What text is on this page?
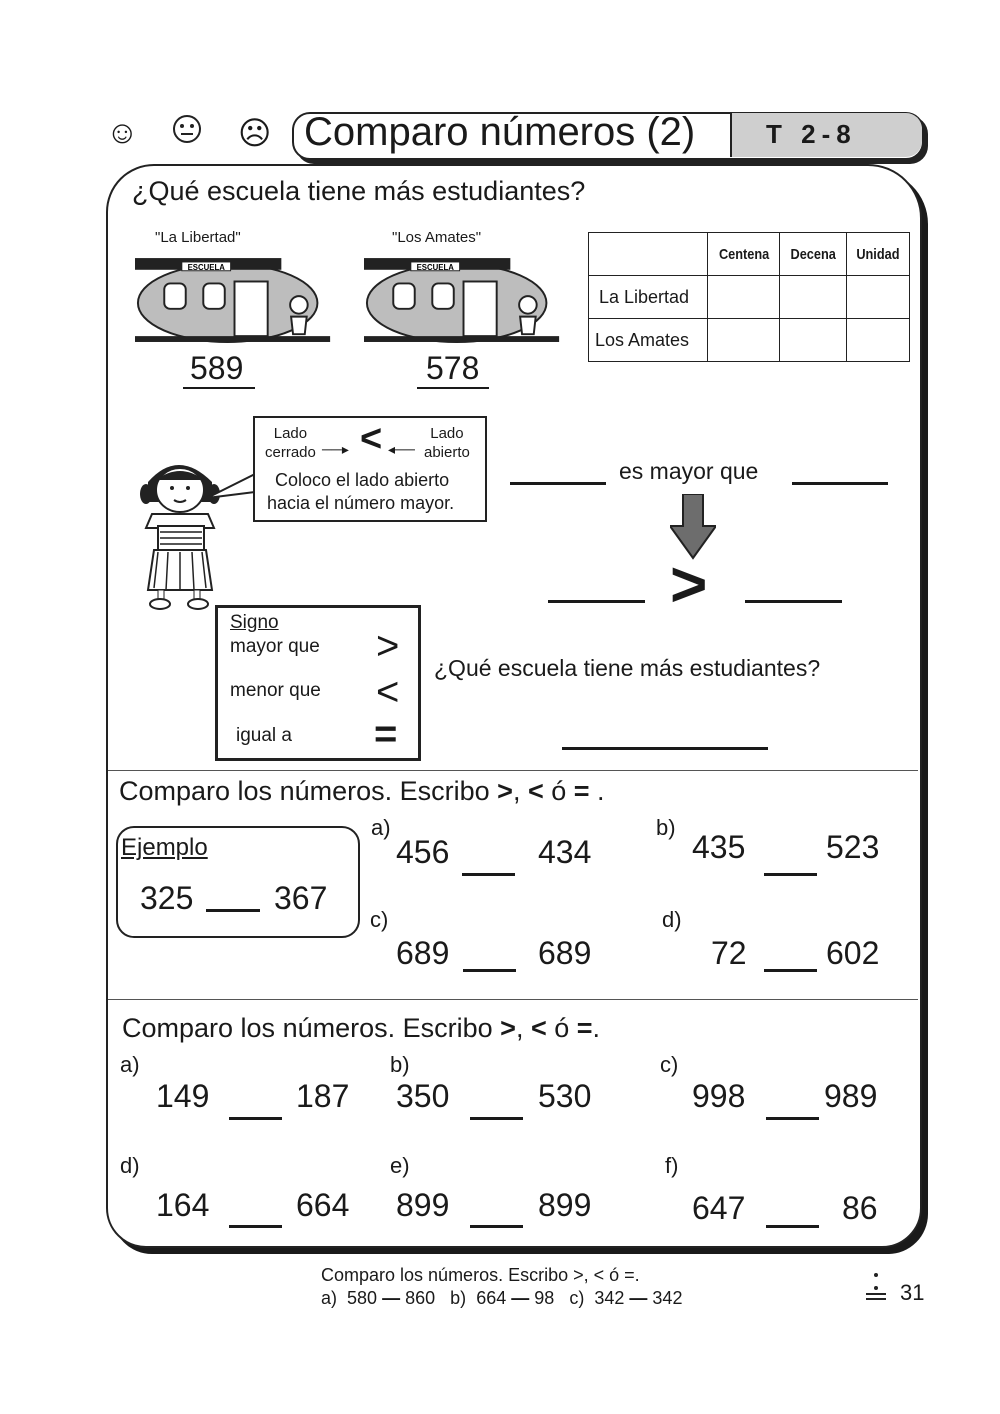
☺	☹ Comparo números (2)	T 2-8
¿Qué escuela tiene más estudiantes?
"La Libertad"
ESCUELA
589
"Los Amates"
ESCUELA
578
	Centena	Decena	Unidad
La Libertad			
Los Amates			
Lado
cerrado ──▸ < ◂──
Lado
abierto
Coloco el lado abierto
hacia el número mayor.
es mayor que
>
Signo
mayor que >
menor que <
igual a =
¿Qué escuela tiene más estudiantes?
Comparo los números. Escribo >, < ó = .
Ejemplo
325	367
a)
456	434
b)
435	523
c)
689	689
d)
72 602
Comparo los números. Escribo >, < ó =.
a)
149	187
b)
350	530
c)
998 989
d)
164	664
e)
899	899
f)
647	86
Comparo los números. Escribo >, < ó =.
a) 580 — 860 b) 664 — 98 c) 342 — 342	31
